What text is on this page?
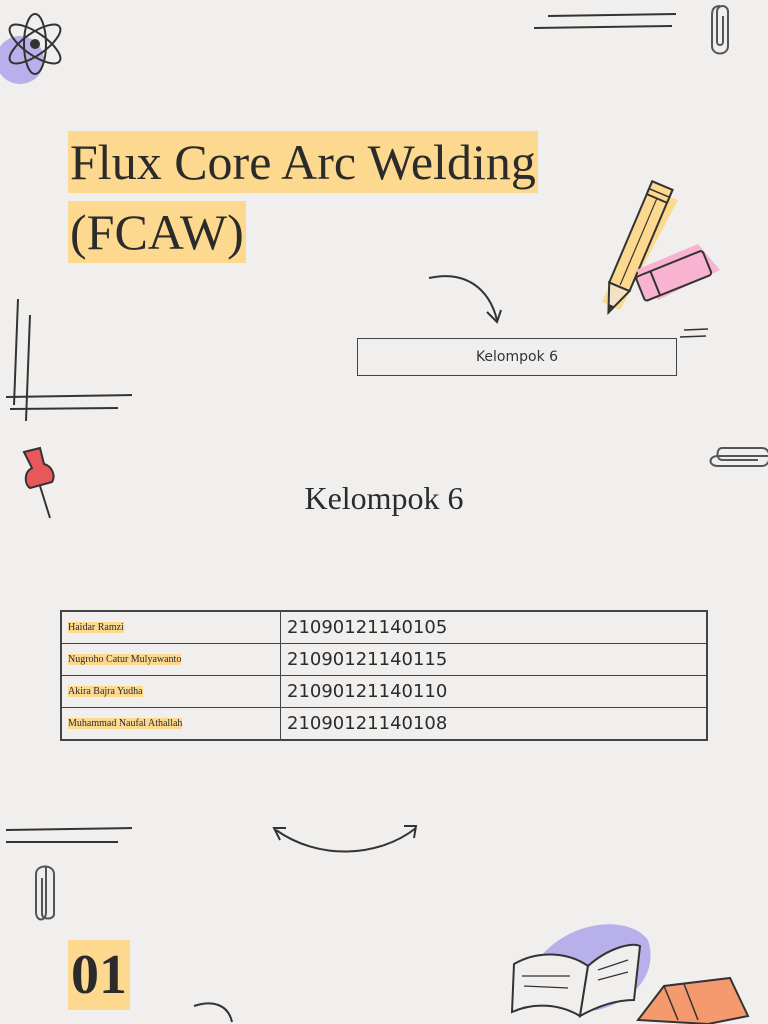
Flux Core Arc Welding
(FCAW)
Kelompok 6
Kelompok 6
Haidar Ramzi	21090121140105
Nugroho Catur Mulyawanto	21090121140115
Akira Bajra Yudha	21090121140110
Muhammad Naufal Athallah	21090121140108
01
